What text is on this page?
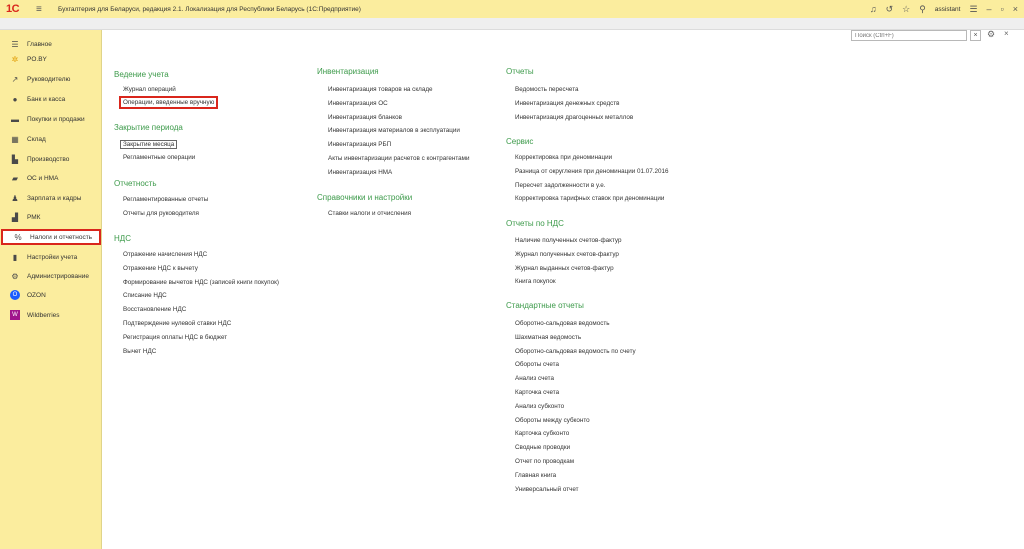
1С	≡	Бухгалтерия для Беларуси, редакция 2.1. Локализация для Республики Беларусь (1С:Предприятие)	♫ ↺ ☆ ⚲ assistant ☰ – ▫ ×
☰ Главное
✲ PO.BY
↗ Руководителю
●	Банк и касса
▬ Покупки и продажи
▦ Склад
▙ Производство
▰ ОС и НМА
♟ Зарплата и кадры
▟ РМК
% Налоги и отчетность
▮	Настройки учета
⚙ Администрирование
O	OZON
W	Wildberries
Поиск (Ctrl+F)
×	⚙ ×
Ведение учета
Журнал операций
Операции, введенные вручную
Закрытие периода
Закрытие месяца
Регламентные операции
Отчетность
Регламентированные отчеты
Отчеты для руководителя
НДС
Отражение начисления НДС
Отражение НДС к вычету
Формирование вычетов НДС (записей книги покупок)
Списание НДС
Восстановление НДС
Подтверждение нулевой ставки НДС
Регистрация оплаты НДС в бюджет
Вычет НДС
Инвентаризация
Инвентаризация товаров на складе
Инвентаризация ОС
Инвентаризация бланков
Инвентаризация материалов в эксплуатации
Инвентаризация РБП
Акты инвентаризации расчетов с контрагентами
Инвентаризация НМА
Справочники и настройки
Ставки налоги и отчисления
Отчеты
Ведомость пересчета
Инвентаризация денежных средств
Инвентаризация драгоценных металлов
Сервис
Корректировка при деноминации
Разница от округления при деноминации 01.07.2016
Пересчет задолженности в у.е.
Корректировка тарифных ставок при деноминации
Отчеты по НДС
Наличие полученных счетов-фактур
Журнал полученных счетов-фактур
Журнал выданных счетов-фактур
Книга покупок
Стандартные отчеты
Оборотно-сальдовая ведомость
Шахматная ведомость
Оборотно-сальдовая ведомость по счету
Обороты счета
Анализ счета
Карточка счета
Анализ субконто
Обороты между субконто
Карточка субконто
Сводные проводки
Отчет по проводкам
Главная книга
Универсальный отчет
